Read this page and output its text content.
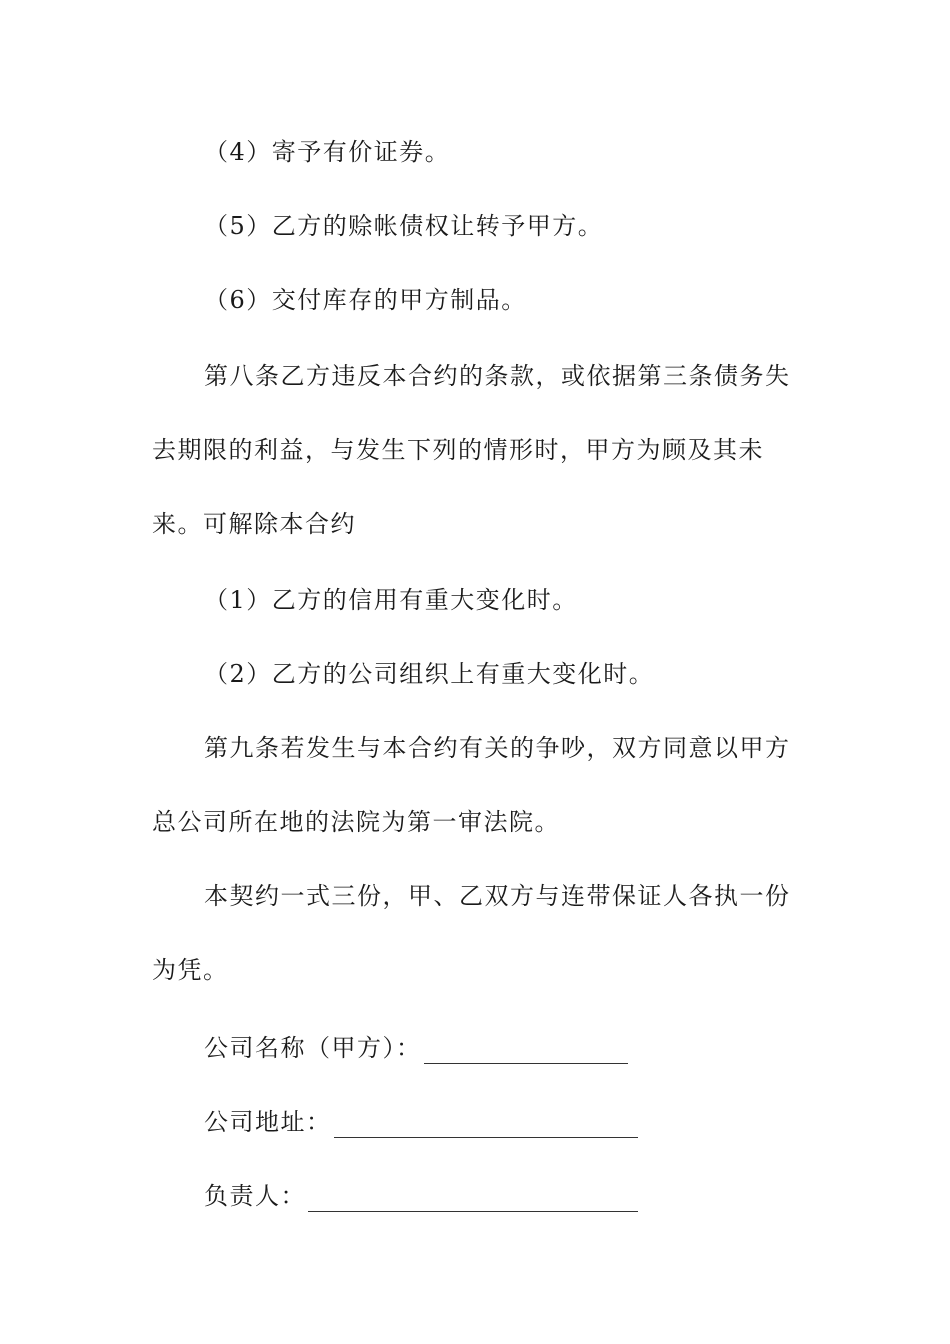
（4）寄予有价证券。
（5）乙方的赊帐债权让转予甲方。
（6）交付库存的甲方制品。
第八条乙方违反本合约的条款，或依据第三条债务失
去期限的利益，与发生下列的情形时，甲方为顾及其未
来。可解除本合约
（1）乙方的信用有重大变化时。
（2）乙方的公司组织上有重大变化时。
第九条若发生与本合约有关的争吵，双方同意以甲方
总公司所在地的法院为第一审法院。
本契约一式三份，甲、乙双方与连带保证人各执一份
为凭。
公司名称（甲方）：
公司地址：
负责人：
